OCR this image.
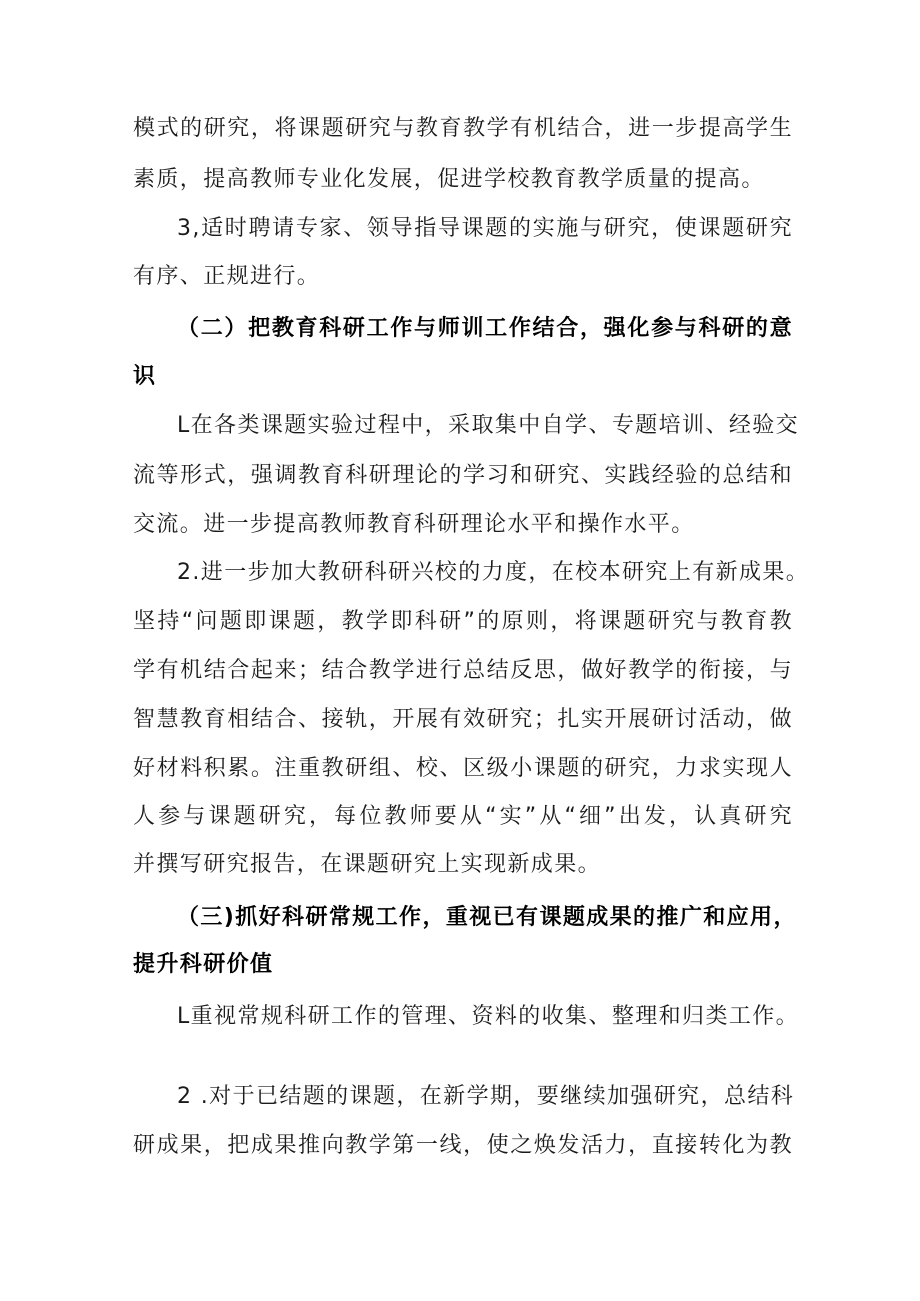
模式的研究，将课题研究与教育教学有机结合，进一步提高学生
素质，提高教师专业化发展，促进学校教育教学质量的提高。
3,适时聘请专家、领导指导课题的实施与研究，使课题研究
有序、正规进行。
（二）把教育科研工作与师训工作结合，强化参与科研的意
识
L在各类课题实验过程中，采取集中自学、专题培训、经验交
流等形式，强调教育科研理论的学习和研究、实践经验的总结和
交流。进一步提高教师教育科研理论水平和操作水平。
2.进一步加大教研科研兴校的力度，在校本研究上有新成果。
坚持“问题即课题，教学即科研”的原则，将课题研究与教育教
学有机结合起来；结合教学进行总结反思，做好教学的衔接，与
智慧教育相结合、接轨，开展有效研究；扎实开展研讨活动，做
好材料积累。注重教研组、校、区级小课题的研究，力求实现人
人参与课题研究，每位教师要从“实”从“细”出发，认真研究
并撰写研究报告，在课题研究上实现新成果。
（三)抓好科研常规工作，重视已有课题成果的推广和应用，
提升科研价值
L重视常规科研工作的管理、资料的收集、整理和归类工作。
2 .对于已结题的课题，在新学期，要继续加强研究，总结科
研成果，把成果推向教学第一线，使之焕发活力，直接转化为教
